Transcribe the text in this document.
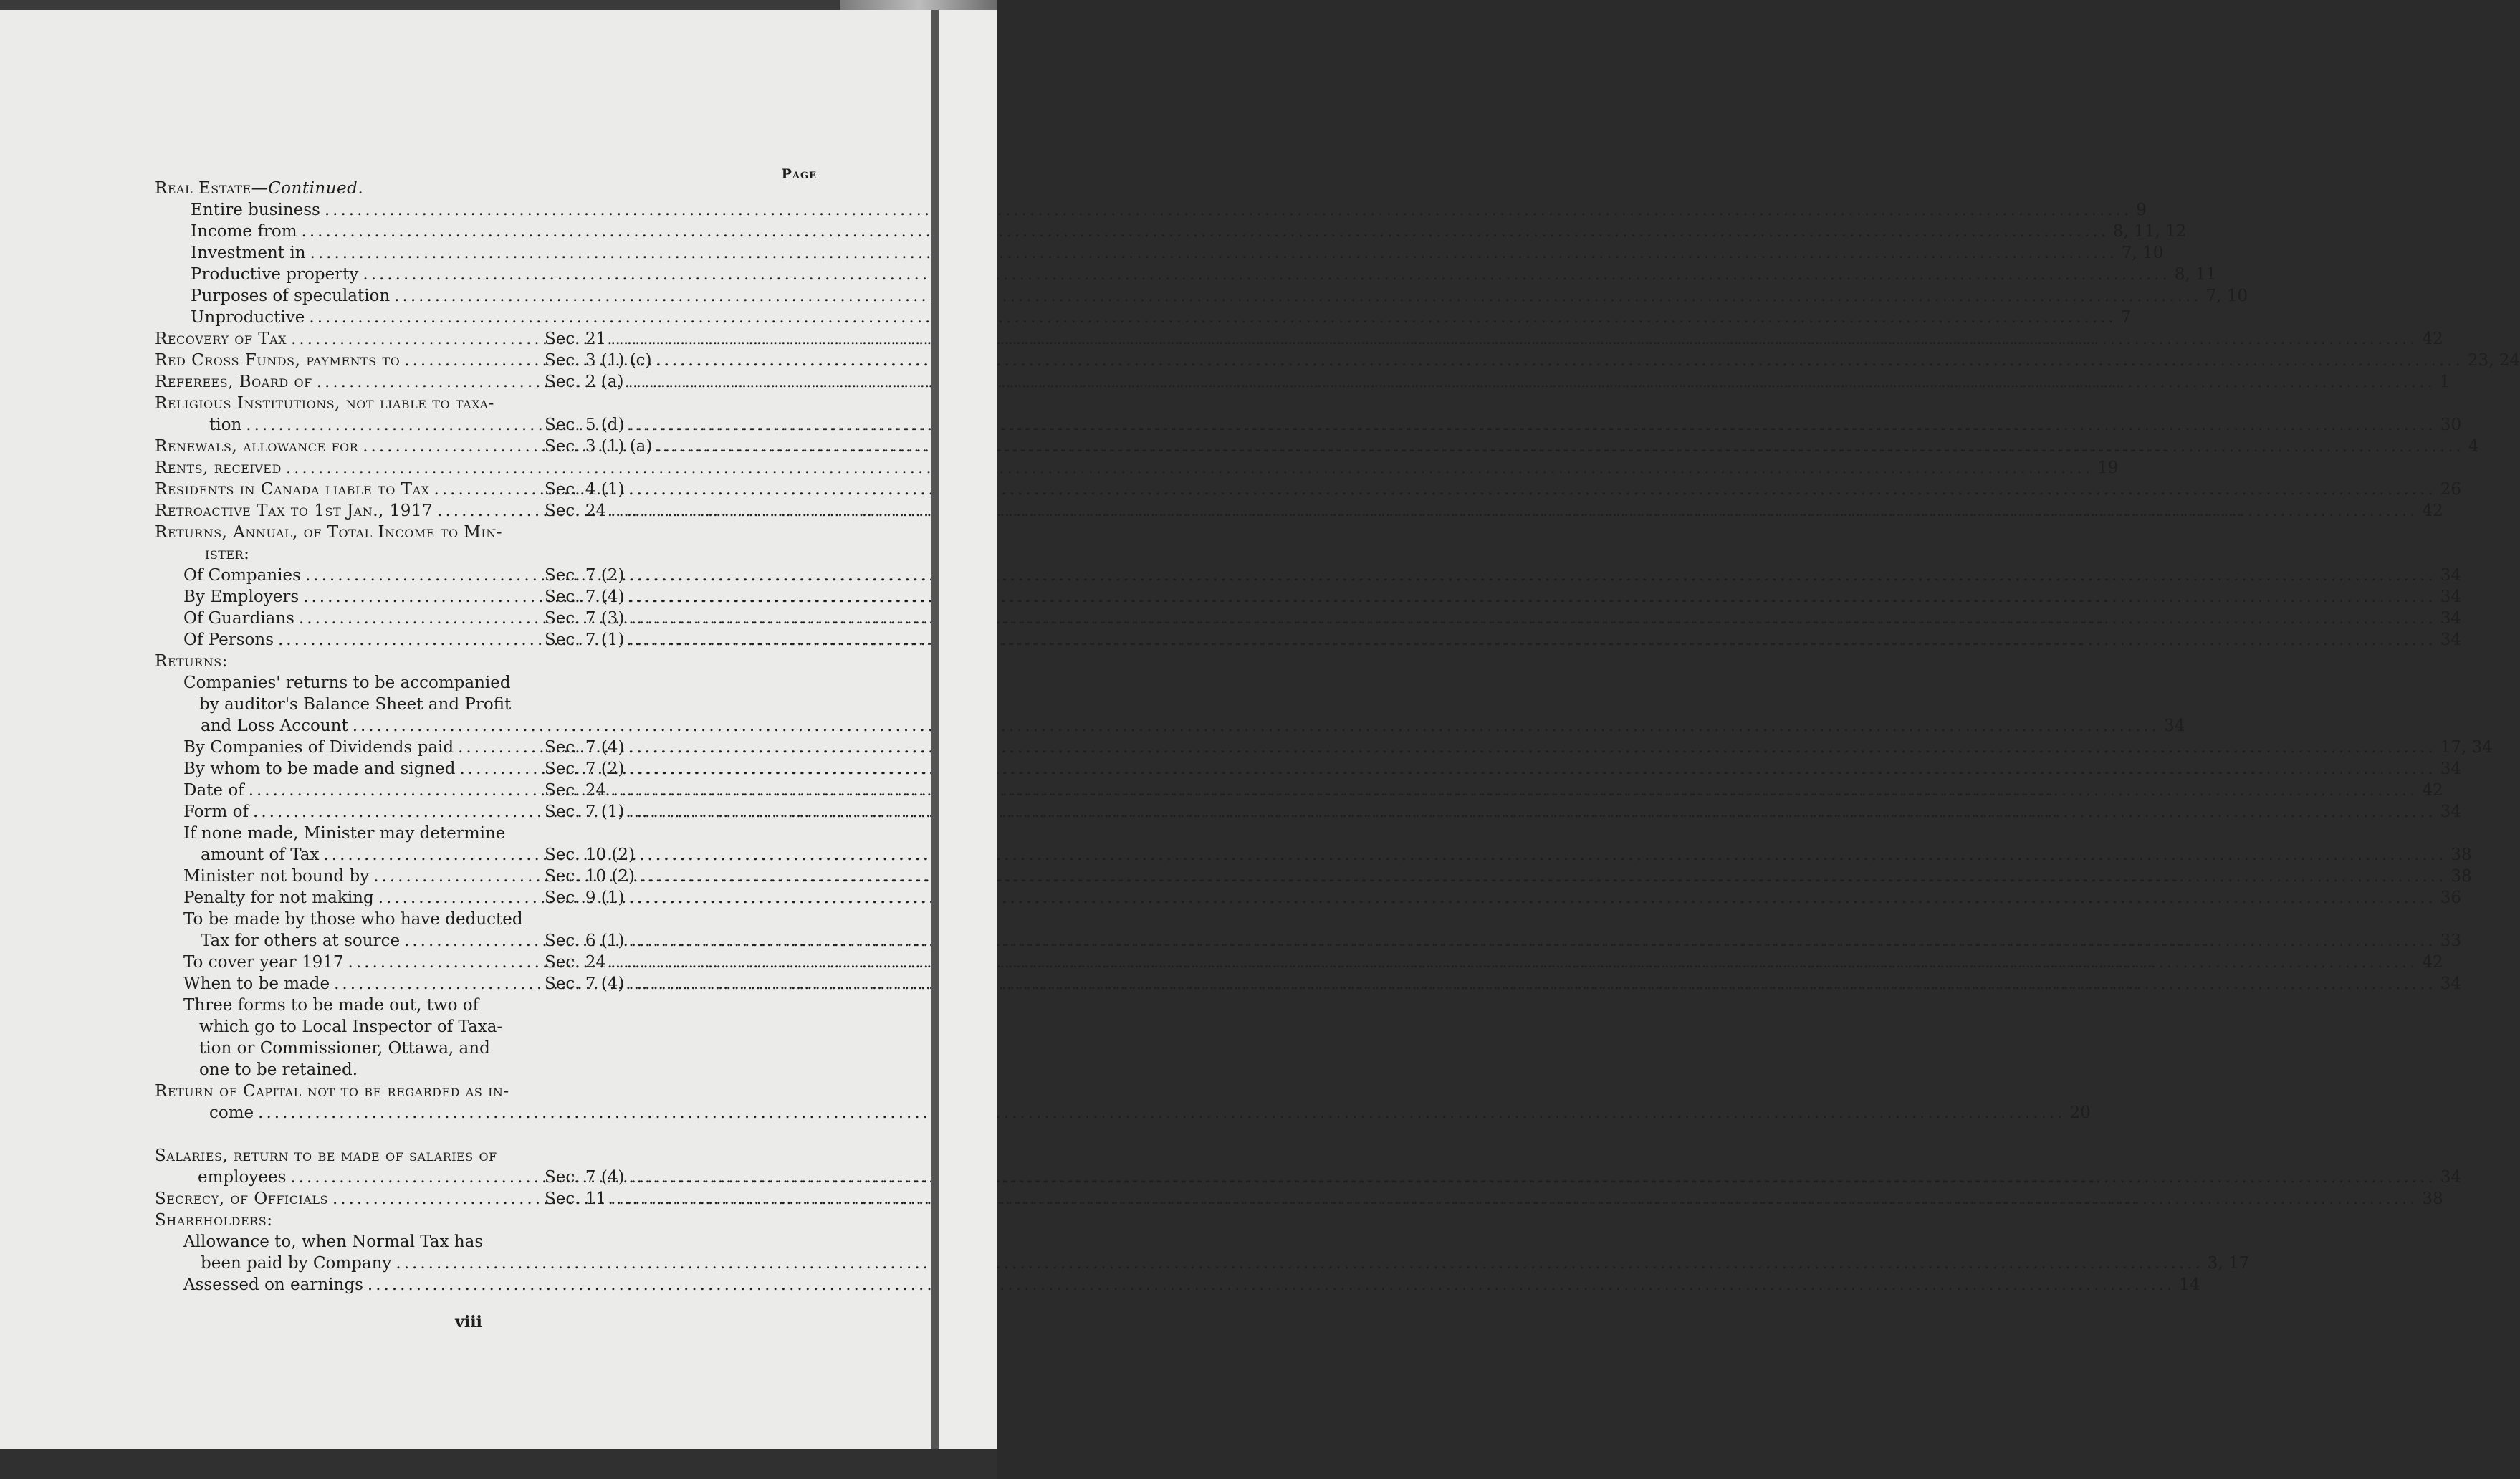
Page
Real Estate— Continued.
Entire business .....	9
Income from .....	8, 11, 12
Investment in .....	7, 10
Productive property .....	8, 11
Purposes of speculation .....	7, 10
Unproductive .....	7
Recovery of Tax .....	Sec. 21 .....	42
Red Cross Funds, payments to .....	Sec. 3 (1) (c) .....	23, 24
Referees, Board of .....	Sec. 2 (a) .....	1
Religious Institutions, not liable to taxa-
tion .....	Sec. 5 (d) .....	30
Renewals, allowance for .....	Sec. 3 (1) (a) .....	4
Rents, received .....	19
Residents in Canada liable to Tax .....	Sec. 4 (1) .....	26
Retroactive Tax to 1st Jan., 1917 .....	Sec. 24 .....	42
Returns, Annual, of Total Income to Min-
ister:
Of Companies .....	Sec. 7 (2) .....	34
By Employers .....	Sec. 7 (4) .....	34
Of Guardians .....	Sec. 7 (3) .....	34
Of Persons .....	Sec. 7 (1) .....	34
Returns:
Companies' returns to be accompanied
by auditor's Balance Sheet and Profit
and Loss Account .....	34
By Companies of Dividends paid .....	Sec. 7 (4) .....	17, 34
By whom to be made and signed .....	Sec. 7 (2) .....	34
Date of .....	Sec. 24 .....	42
Form of .....	Sec. 7 (1) .....	34
If none made, Minister may determine
amount of Tax .....	Sec. 10 (2) .....	38
Minister not bound by .....	Sec. 10 (2) .....	38
Penalty for not making .....	Sec. 9 (1) .....	36
To be made by those who have deducted
Tax for others at source .....	Sec. 6 (1) .....	33
To cover year 1917 .....	Sec. 24 .....	42
When to be made .....	Sec. 7 (4) .....	34
Three forms to be made out, two of
which go to Local Inspector of Taxa-
tion or Commissioner, Ottawa, and
one to be retained.
Return of Capital not to be regarded as in-
come .....	20
Salaries, return to be made of salaries of
employees .....	Sec. 7 (4) .....	34
Secrecy, of Officials .....	Sec. 11 .....	38
Shareholders:
Allowance to, when Normal Tax has
been paid by Company .....	3, 17
Assessed on earnings .....	14
viii
